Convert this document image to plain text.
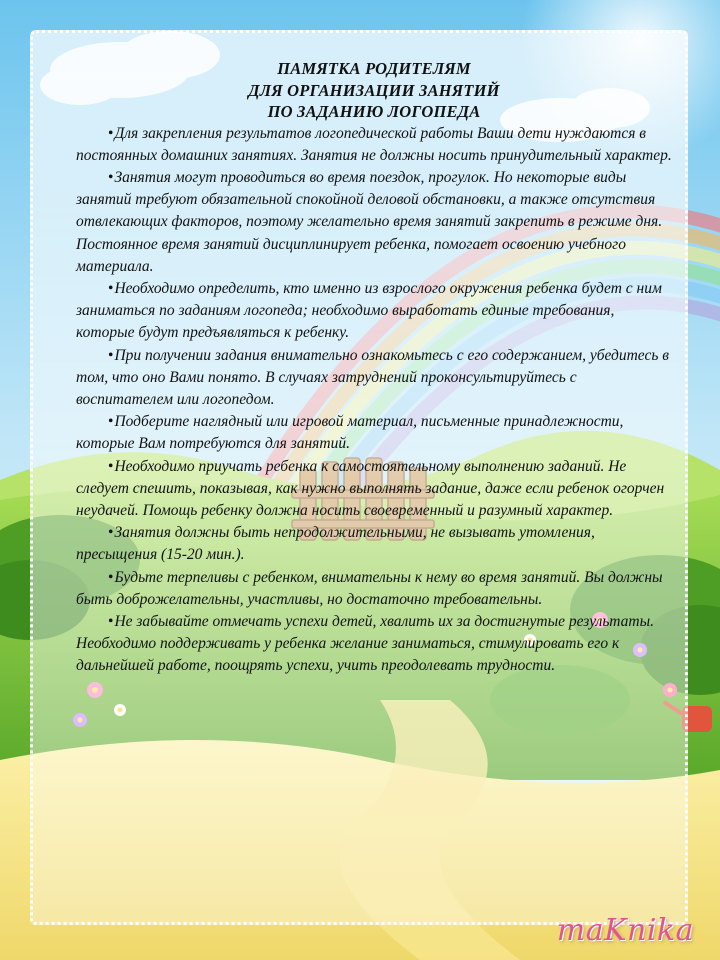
ПАМЯТКА РОДИТЕЛЯМ
ДЛЯ ОРГАНИЗАЦИИ ЗАНЯТИЙ
ПО ЗАДАНИЮ ЛОГОПЕДА

•Для закрепления результатов логопедической работы Ваши дети нуждаются в постоянных домашних занятиях. Занятия не должны носить принудительный характер.

•Занятия могут проводиться во время поездок, прогулок. Но некоторые виды занятий требуют обязательной спокойной деловой обстановки, а также отсутствия отвлекающих факторов, поэтому желательно время занятий закрепить в режиме дня. Постоянное время занятий дисциплинирует ребенка, помогает освоению учебного материала.

•Необходимо определить, кто именно из взрослого окружения ребенка будет с ним заниматься по заданиям логопеда; необходимо выработать единые требования, которые будут предъявляться к ребенку.

•При получении задания внимательно ознакомьтесь с его содержанием, убедитесь в том, что оно Вами понято. В случаях затруднений проконсультируйтесь с воспитателем или логопедом.

•Подберите наглядный или игровой материал, письменные принадлежности, которые Вам потребуются для занятий.

•Необходимо приучать ребенка к самостоятельному выполнению заданий. Не следует спешить, показывая, как нужно выполнять задание, даже если ребенок огорчен неудачей. Помощь ребенку должна носить своевременный и разумный характер.

•Занятия должны быть непродолжительными, не вызывать утомления, пресыщения (15-20 мин.).

•Будьте терпеливы с ребенком, внимательны к нему во время занятий. Вы должны быть доброжелательны, участливы, но достаточно требовательны.

•Не забывайте отмечать успехи детей, хвалить их за достигнутые результаты. Необходимо поддерживать у ребенка желание заниматься, стимулировать его к дальнейшей работе, поощрять успехи, учить преодолевать трудности.

maKnika
